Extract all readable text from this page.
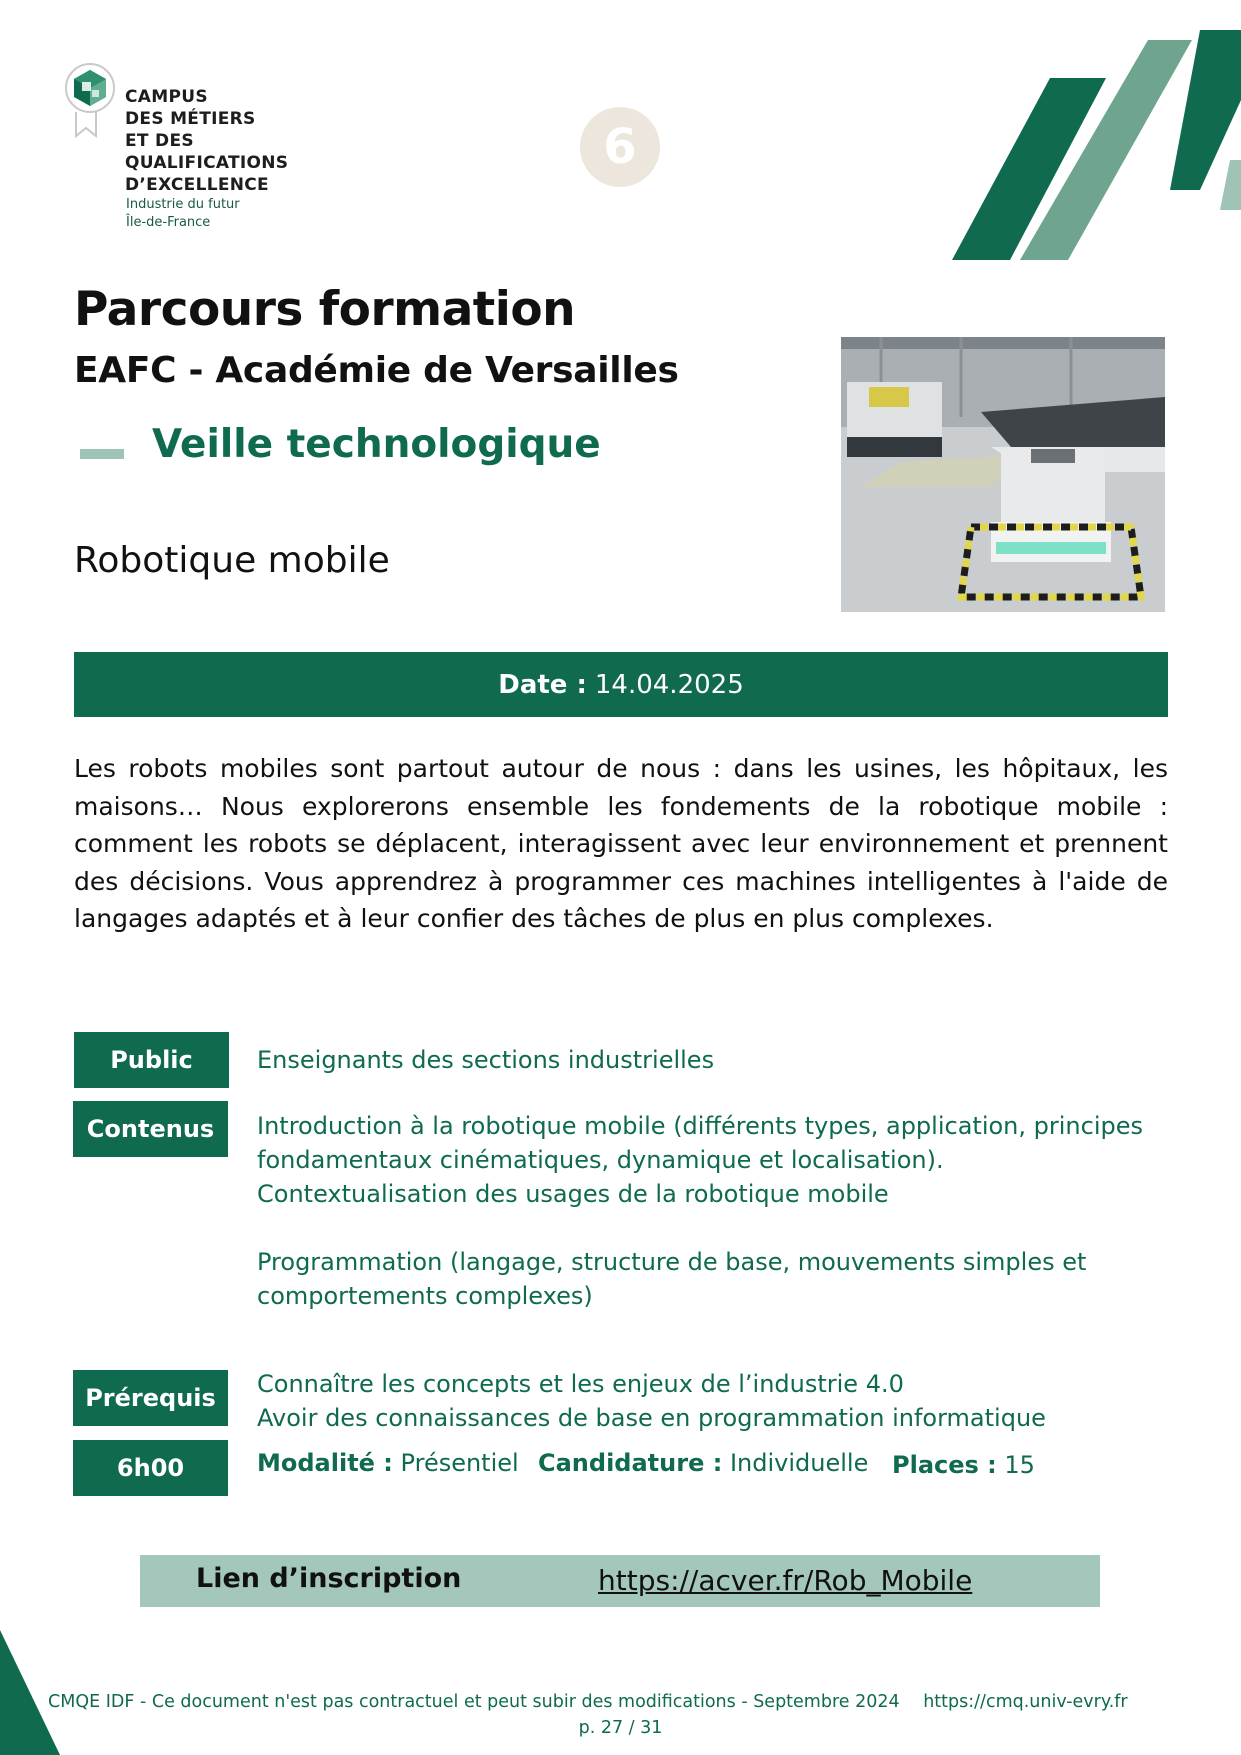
CAMPUS
DES MÉTIERS
ET DES
QUALIFICATIONS
D’EXCELLENCE
Industrie du futur
Île-de-France
6
Parcours formation
EAFC - Académie de Versailles
Veille technologique
Robotique mobile
Date : 14.04.2025
Les robots mobiles sont partout autour de nous : dans les usines, les hôpitaux, les maisons… Nous explorerons ensemble les fondements de la robotique mobile : comment les robots se déplacent, interagissent avec leur environnement et prennent des décisions. Vous apprendrez à programmer ces machines intelligentes à l'aide de langages adaptés et à leur confier des tâches de plus en plus complexes.
Public	Enseignants des sections industrielles
Contenus	Introduction à la robotique mobile (différents types, application, principes fondamentaux cinématiques, dynamique et localisation). Contextualisation des usages de la robotique mobile
Programmation (langage, structure de base, mouvements simples et comportements complexes)
Prérequis	Connaître les concepts et les enjeux de l’industrie 4.0
Avoir des connaissances de base en programmation informatique
6h00	Modalité : Présentiel Candidature : Individuelle Places : 15
Lien d’inscription	https://acver.fr/Rob_Mobile
CMQE IDF - Ce document n'est pas contractuel et peut subir des modifications - Septembre 2024 https://cmq.univ-evry.fr
p. 27 / 31
